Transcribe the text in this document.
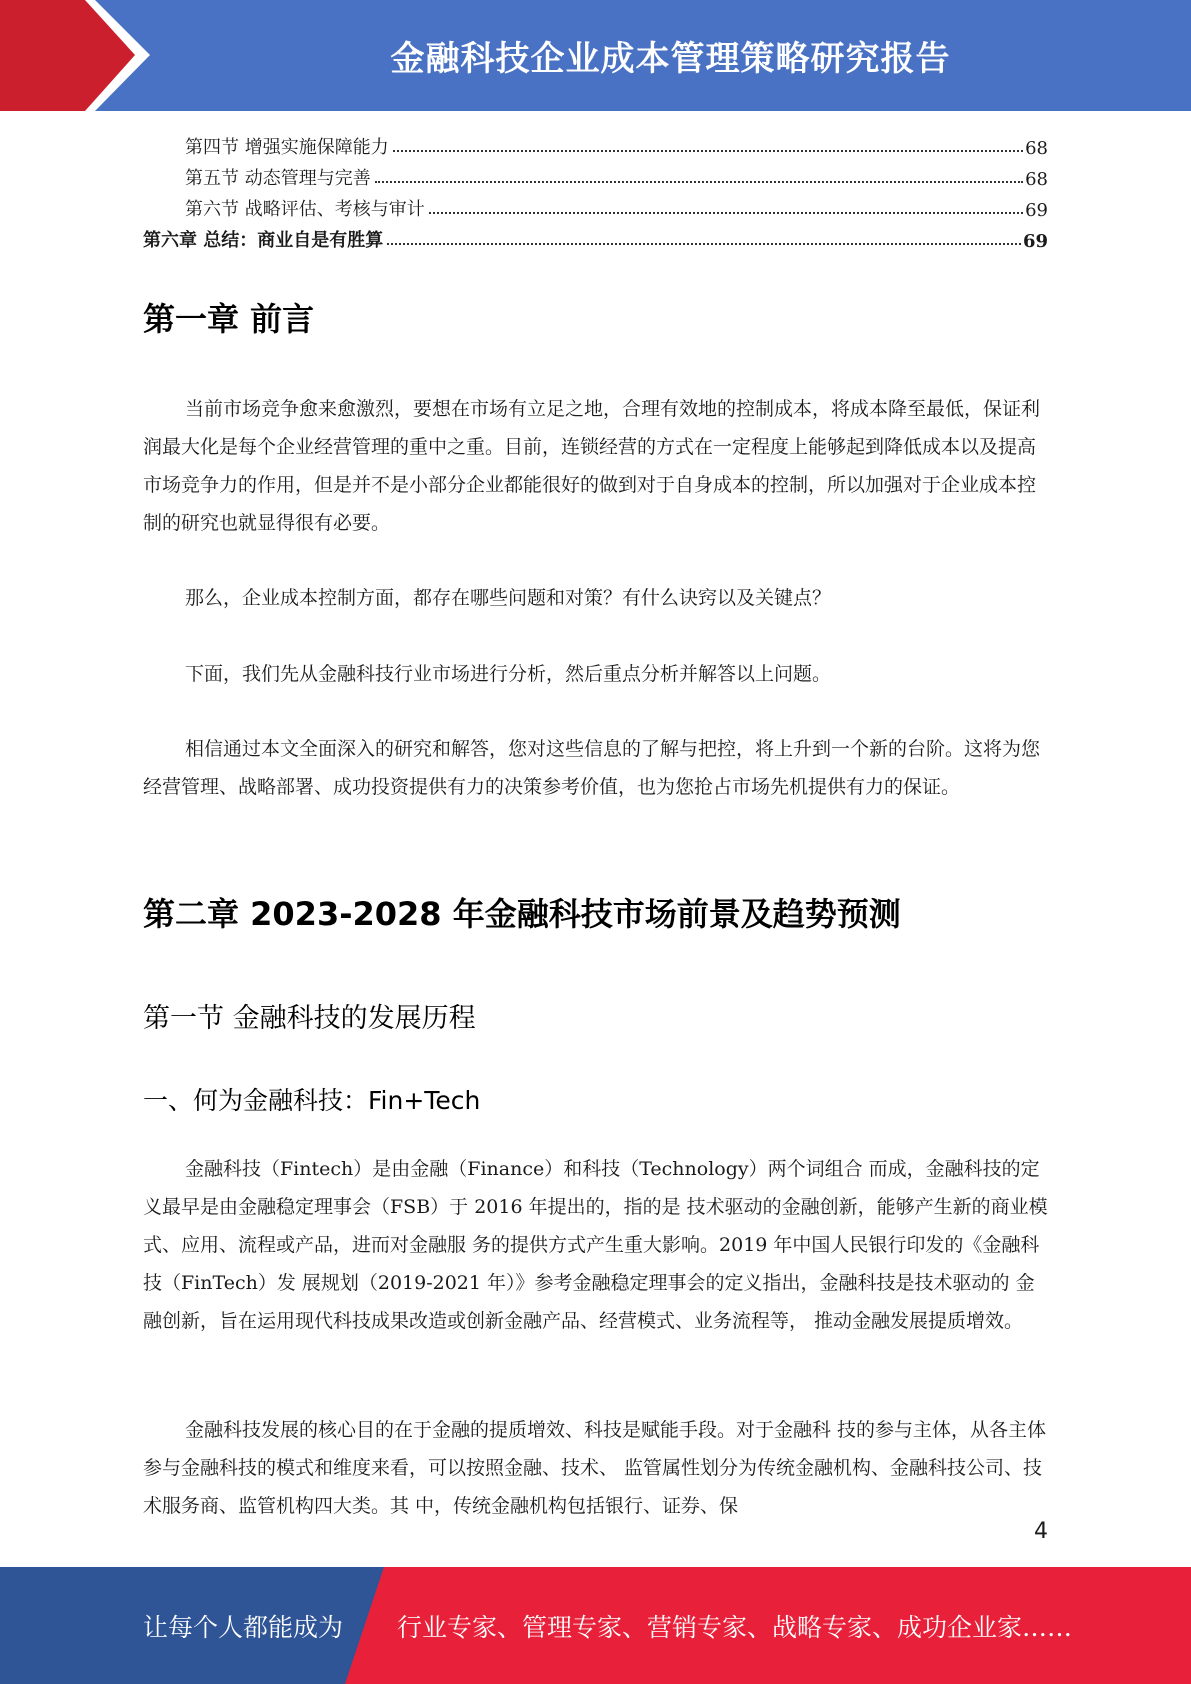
金融科技企业成本管理策略研究报告
第四节 增强实施保障能力	68
第五节 动态管理与完善	68
第六节 战略评估、考核与审计	69
第六章 总结：商业自是有胜算	69
第一章 前言

当前市场竞争愈来愈激烈，要想在市场有立足之地，合理有效地的控制成本，将成本降至最低，保证利润最大化是每个企业经营管理的重中之重。目前，连锁经营的方式在一定程度上能够起到降低成本以及提高市场竞争力的作用，但是并不是小部分企业都能很好的做到对于自身成本的控制，所以加强对于企业成本控制的研究也就显得很有必要。

那么，企业成本控制方面，都存在哪些问题和对策？有什么诀窍以及关键点？

下面，我们先从金融科技行业市场进行分析，然后重点分析并解答以上问题。

相信通过本文全面深入的研究和解答，您对这些信息的了解与把控，将上升到一个新的台阶。这将为您经营管理、战略部署、成功投资提供有力的决策参考价值，也为您抢占市场先机提供有力的保证。

第二章 2023-2028 年金融科技市场前景及趋势预测
第一节 金融科技的发展历程
一、何为金融科技：Fin+Tech

金融科技（Fintech）是由金融（Finance）和科技（Technology）两个词组合 而成，金融科技的定义最早是由金融稳定理事会（FSB）于 2016 年提出的，指的是 技术驱动的金融创新，能够产生新的商业模式、应用、流程或产品，进而对金融服 务的提供方式产生重大影响。2019 年中国人民银行印发的《金融科技（FinTech）发 展规划（2019-2021 年）》参考金融稳定理事会的定义指出，金融科技是技术驱动的 金融创新，旨在运用现代科技成果改造或创新金融产品、经营模式、业务流程等， 推动金融发展提质增效。

金融科技发展的核心目的在于金融的提质增效、科技是赋能手段。对于金融科 技的参与主体，从各主体参与金融科技的模式和维度来看，可以按照金融、技术、 监管属性划分为传统金融机构、金融科技公司、技术服务商、监管机构四大类。其 中，传统金融机构包括银行、证券、保

4
让每个人都能成为 行业专家、管理专家、营销专家、战略专家、成功企业家……
